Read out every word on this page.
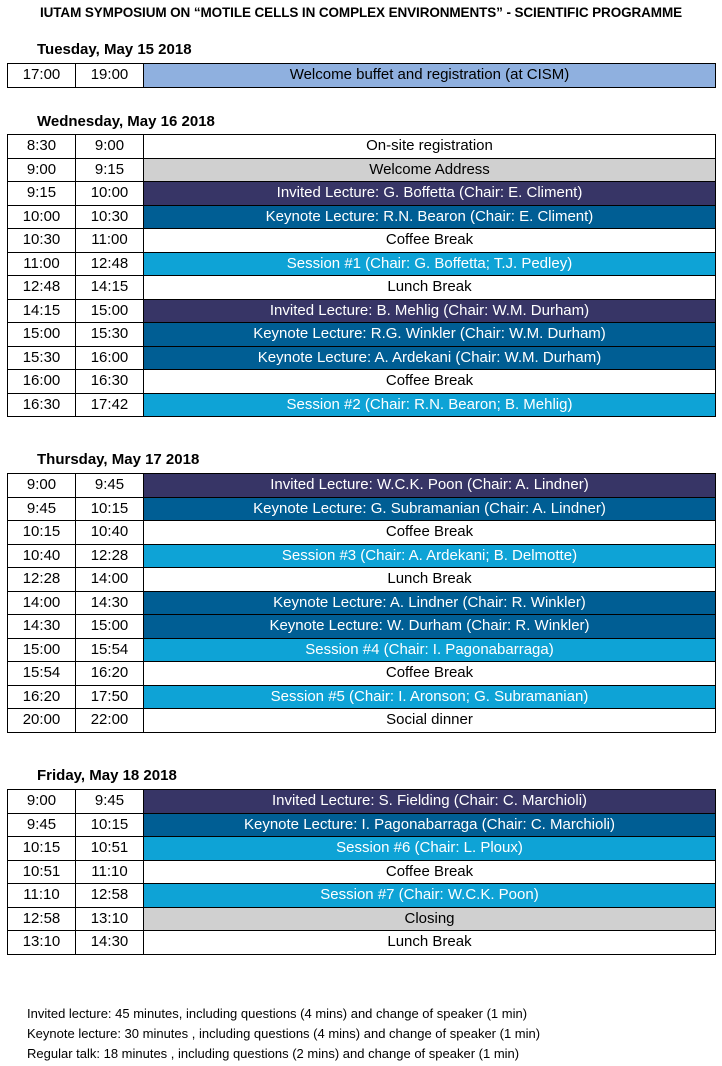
IUTAM SYMPOSIUM ON “MOTILE CELLS IN COMPLEX ENVIRONMENTS” - SCIENTIFIC PROGRAMME
Tuesday, May 15 2018
17:00	19:00	Welcome buffet and registration (at CISM)
Wednesday, May 16 2018
8:30	9:00	On-site registration
9:00	9:15	Welcome Address
9:15	10:00	Invited Lecture: G. Boffetta (Chair: E. Climent)
10:00	10:30	Keynote Lecture: R.N. Bearon (Chair: E. Climent)
10:30	11:00	Coffee Break
11:00	12:48	Session #1 (Chair: G. Boffetta; T.J. Pedley)
12:48	14:15	Lunch Break
14:15	15:00	Invited Lecture: B. Mehlig (Chair: W.M. Durham)
15:00	15:30	Keynote Lecture: R.G. Winkler (Chair: W.M. Durham)
15:30	16:00	Keynote Lecture: A. Ardekani (Chair: W.M. Durham)
16:00	16:30	Coffee Break
16:30	17:42	Session #2 (Chair: R.N. Bearon; B. Mehlig)
Thursday, May 17 2018
9:00	9:45	Invited Lecture: W.C.K. Poon (Chair: A. Lindner)
9:45	10:15	Keynote Lecture: G. Subramanian (Chair: A. Lindner)
10:15	10:40	Coffee Break
10:40	12:28	Session #3 (Chair: A. Ardekani; B. Delmotte)
12:28	14:00	Lunch Break
14:00	14:30	Keynote Lecture: A. Lindner (Chair: R. Winkler)
14:30	15:00	Keynote Lecture: W. Durham (Chair: R. Winkler)
15:00	15:54	Session #4 (Chair: I. Pagonabarraga)
15:54	16:20	Coffee Break
16:20	17:50	Session #5 (Chair: I. Aronson; G. Subramanian)
20:00	22:00	Social dinner
Friday, May 18 2018
9:00	9:45	Invited Lecture: S. Fielding (Chair: C. Marchioli)
9:45	10:15	Keynote Lecture: I. Pagonabarraga (Chair: C. Marchioli)
10:15	10:51	Session #6 (Chair: L. Ploux)
10:51	11:10	Coffee Break
11:10	12:58	Session #7 (Chair: W.C.K. Poon)
12:58	13:10	Closing
13:10	14:30	Lunch Break
Invited lecture: 45 minutes, including questions (4 mins) and change of speaker (1 min)
Keynote lecture: 30 minutes , including questions (4 mins) and change of speaker (1 min)
Regular talk: 18 minutes , including questions (2 mins) and change of speaker (1 min)
